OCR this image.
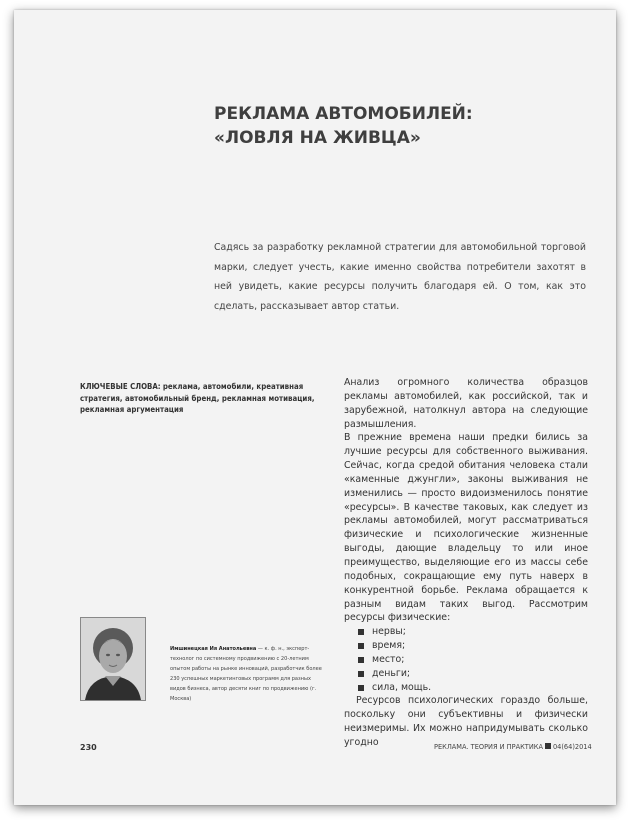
РЕКЛАМА АВТОМОБИЛЕЙ:
«ЛОВЛЯ НА ЖИВЦА»

Садясь за разработку рекламной стратегии для автомобильной торговой марки, следует учесть, какие именно свойства потребители захотят в ней увидеть, какие ресурсы получить благодаря ей. О том, как это сделать, рассказывает автор статьи.

КЛЮЧЕВЫЕ СЛОВА: реклама, автомобили, креативная стратегия, автомобильный бренд, рекламная мотивация, рекламная аргументация

Анализ огромного количества образцов рекламы автомобилей, как российской, так и зарубежной, натолкнул автора на следующие размышления.

В прежние времена наши предки бились за лучшие ресурсы для собственного выживания. Сейчас, когда средой обитания человека стали «каменные джунгли», законы выживания не изменились — просто видоизменилось понятие «ресурсы». В качестве таковых, как следует из рекламы автомобилей, могут рассматриваться физические и психологические жизненные выгоды, дающие владельцу то или иное преимущество, выделяющие его из массы себе подобных, сокращающие ему путь наверх в конкурентной борьбе. Реклама обращается к разным видам таких выгод. Рассмотрим ресурсы физические:

нервы;
время;
место;
деньги;
сила, мощь.

Ресурсов психологических гораздо больше, поскольку они субъективны и физически неизмеримы. Их можно напридумывать сколько угодно

Имшинецкая Ия Анатольевна — к. ф. н., эксперт-технолог по системному продвижению с 20-летним опытом работы на рынке инноваций, разработчик более 230 успешных маркетинговых программ для разных видов бизнеса, автор десяти книг по продвижению (г. Москва)

230	РЕКЛАМА. ТЕОРИЯ И ПРАКТИКА 04(64)2014
